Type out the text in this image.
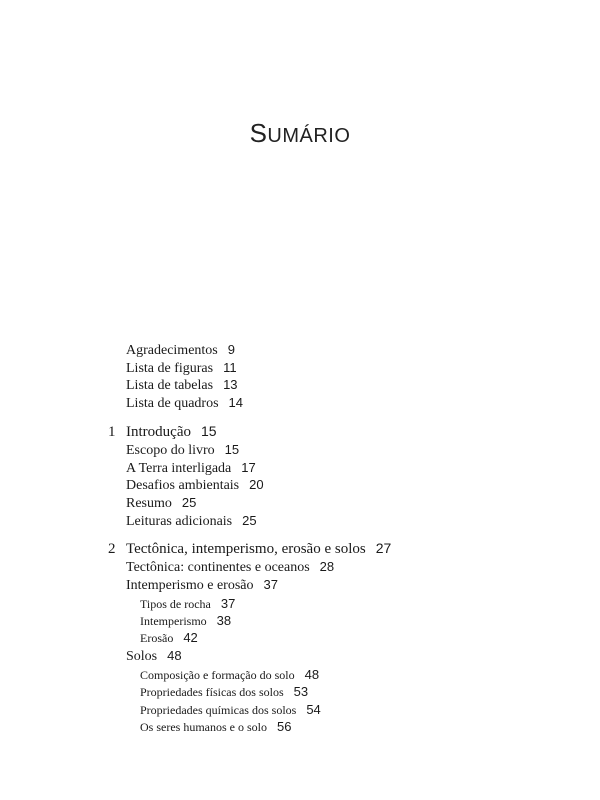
SUMÁRIO
Agradecimentos 9
Lista de figuras 11
Lista de tabelas 13
Lista de quadros 14
1 Introdução 15
Escopo do livro 15
A Terra interligada 17
Desafios ambientais 20
Resumo 25
Leituras adicionais 25
2 Tectônica, intemperismo, erosão e solos 27
Tectônica: continentes e oceanos 28
Intemperismo e erosão 37
Tipos de rocha 37
Intemperismo 38
Erosão 42
Solos 48
Composição e formação do solo 48
Propriedades físicas dos solos 53
Propriedades químicas dos solos 54
Os seres humanos e o solo 56
